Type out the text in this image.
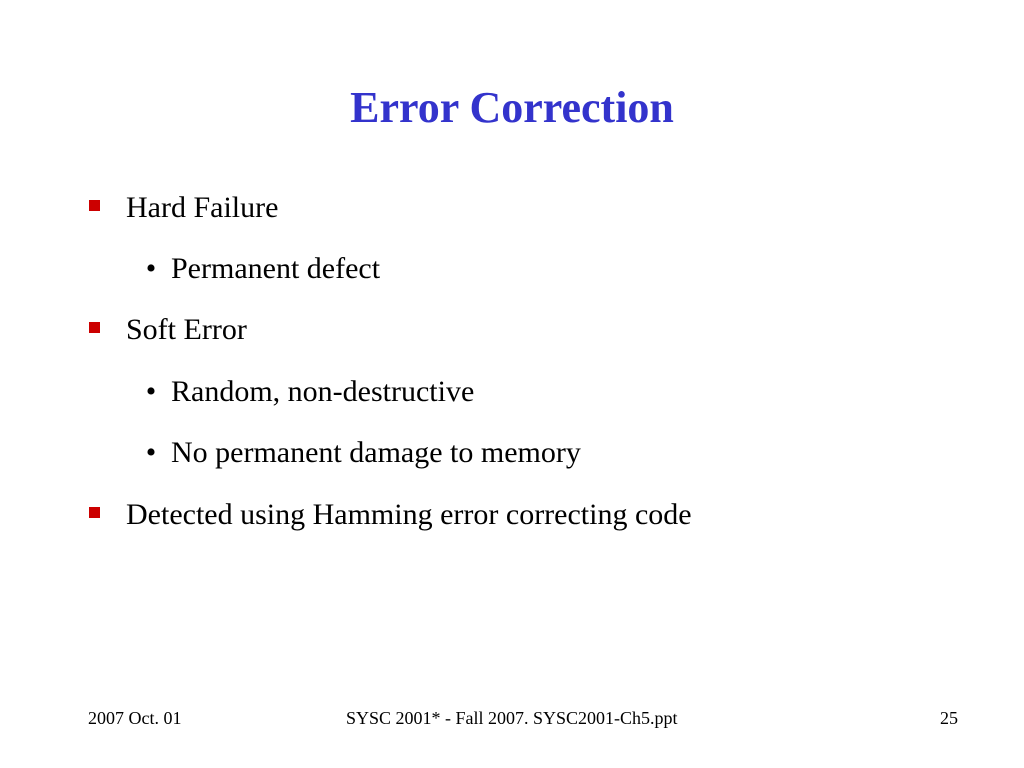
Error Correction
Hard Failure
• Permanent defect
Soft Error
• Random, non-destructive
• No permanent damage to memory
Detected using Hamming error correcting code
2007 Oct. 01	SYSC 2001* - Fall 2007. SYSC2001-Ch5.ppt	25
